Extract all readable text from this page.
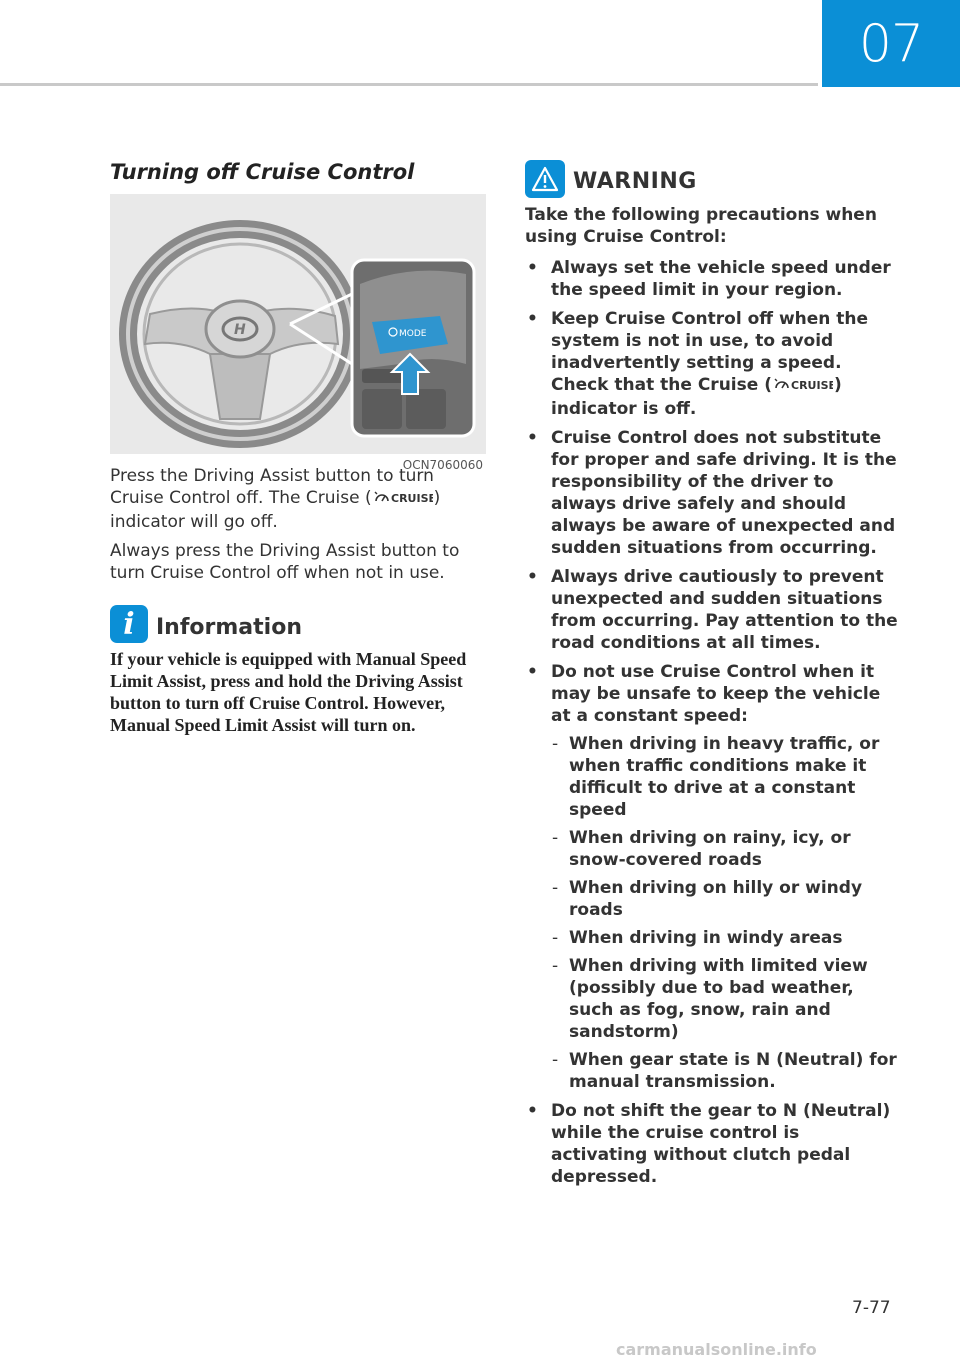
07
Turning off Cruise Control
H	MODE
OCN7060060
Press the Driving Assist button to turn Cruise Control off. The Cruise ( CRUISE
) indicator will go off.
Always press the Driving Assist button to turn Cruise Control off when not in use.
i Information
If your vehicle is equipped with Manual Speed Limit Assist, press and hold the Driving Assist button to turn off Cruise Control. However, Manual Speed Limit Assist will turn on.
WARNING
Take the following precautions when using Cruise Control:
• Always set the vehicle speed under the speed limit in your region.
• Keep Cruise Control off when the system is not in use, to avoid inadvertently setting a speed. Check that the Cruise ( CRUISE
) indicator is off.
• Cruise Control does not substitute for proper and safe driving. It is the responsibility of the driver to always drive safely and should always be aware of unexpected and sudden situations from occurring.
• Always drive cautiously to prevent unexpected and sudden situations from occurring. Pay attention to the road conditions at all times.
• Do not use Cruise Control when it may be unsafe to keep the vehicle at a constant speed:
- When driving in heavy traffic, or when traffic conditions make it difficult to drive at a constant speed
- When driving on rainy, icy, or snow-covered roads
- When driving on hilly or windy roads
- When driving in windy areas
- When driving with limited view (possibly due to bad weather, such as fog, snow, rain and sandstorm)
- When gear state is N (Neutral) for manual transmission.
• Do not shift the gear to N (Neutral) while the cruise control is activating without clutch pedal depressed.
7-77
carmanualsonline.info
